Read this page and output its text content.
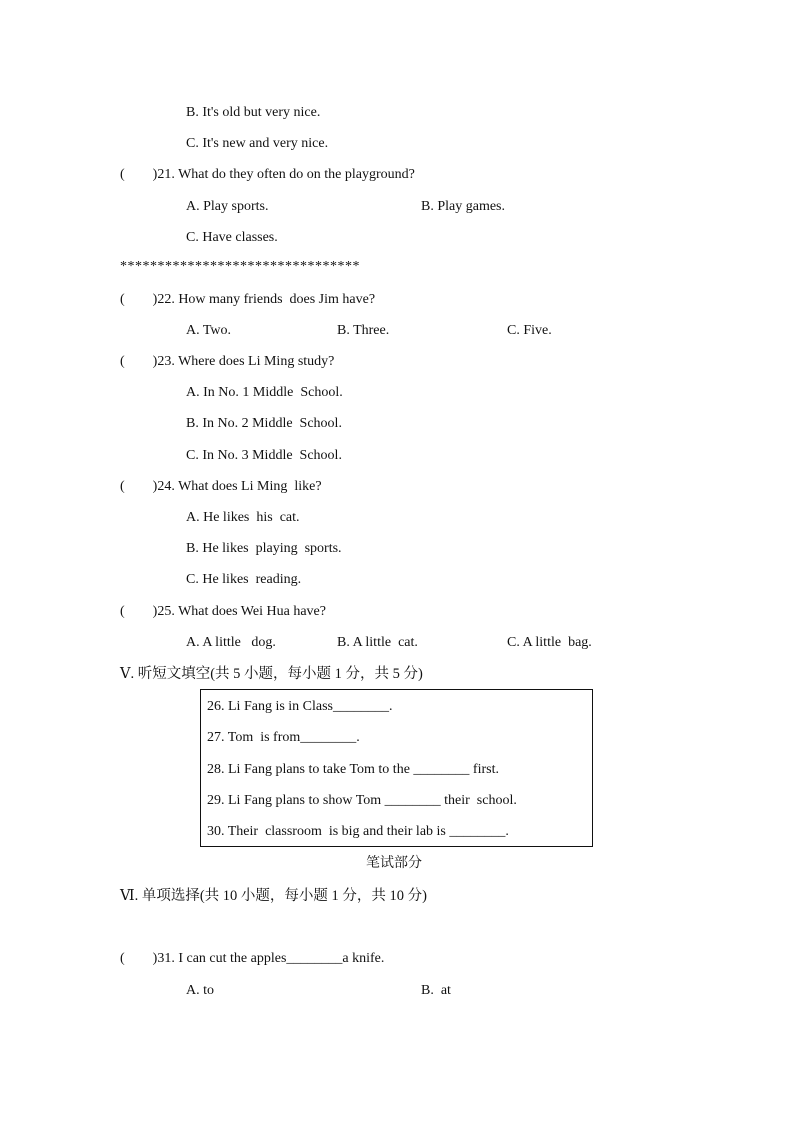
B. It's old but very nice.
C. It's new and very nice.
(        )21. What do they often do on the playground?
A. Play sports.	B. Play games.
C. Have classes.
********************************
(        )22. How many friends  does Jim have?
A. Two.	B. Three.	C. Five.
(        )23. Where does Li Ming study?
A. In No. 1 Middle  School.
B. In No. 2 Middle  School.
C. In No. 3 Middle  School.
(        )24. What does Li Ming  like?
A. He likes  his  cat.
B. He likes  playing  sports.
C. He likes  reading.
(        )25. What does Wei Hua have?
A. A little   dog.	B. A little  cat.	C. A little  bag.
Ⅴ. 听短文填空(共 5 小题，每小题 1 分，共 5 分)
26. Li Fang is in Class________.
27. Tom  is from________.
28. Li Fang plans to take Tom to the ________ first.
29. Li Fang plans to show Tom ________ their  school.
30. Their  classroom  is big and their lab is ________.
笔试部分
Ⅵ. 单项选择(共 10 小题，每小题 1 分，共 10 分)
(        )31. I can cut the apples________a knife.
A. to	B.  at
